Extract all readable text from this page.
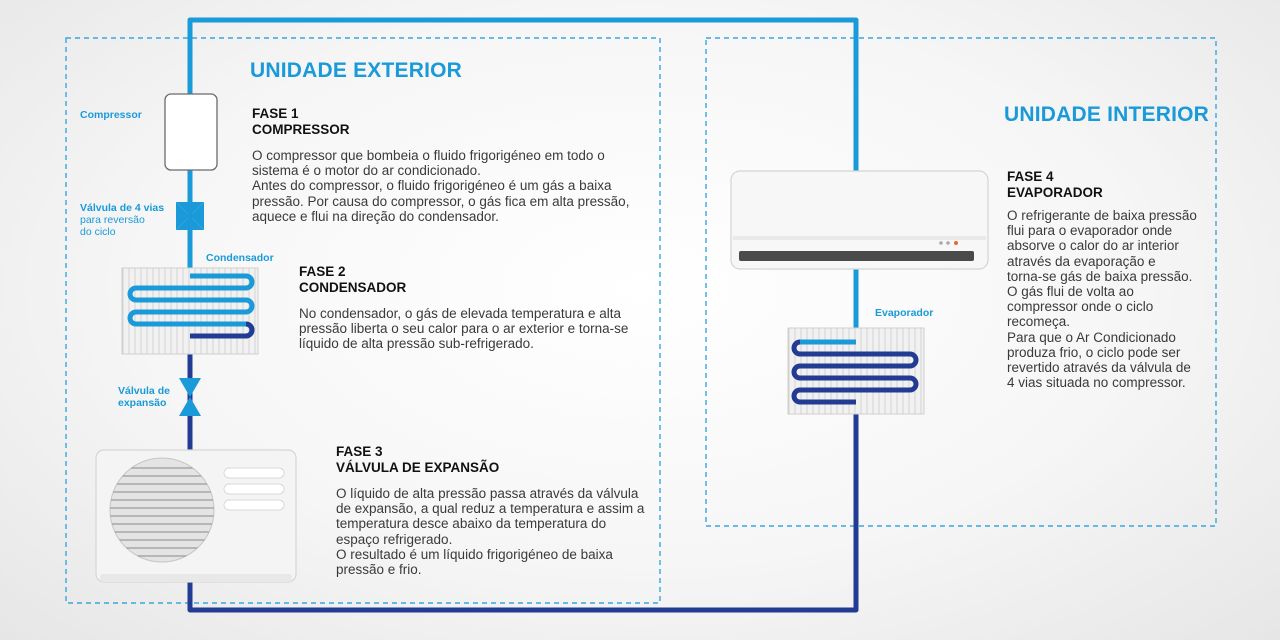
UNIDADE EXTERIOR
UNIDADE INTERIOR
Compressor
Válvula de 4 vias
para reversão
do ciclo
Condensador
Válvula de
expansão
Evaporador
FASE 1
COMPRESSOR
O compressor que bombeia o fluido frigorigéneo em todo o
sistema é o motor do ar condicionado.
Antes do compressor, o fluido frigorigéneo é um gás a baixa
pressão. Por causa do compressor, o gás fica em alta pressão,
aquece e flui na direção do condensador.
FASE 2
CONDENSADOR
No condensador, o gás de elevada temperatura e alta
pressão liberta o seu calor para o ar exterior e torna-se
líquido de alta pressão sub-refrigerado.
FASE 3
VÁLVULA DE EXPANSÃO
O líquido de alta pressão passa através da válvula
de expansão, a qual reduz a temperatura e assim a
temperatura desce abaixo da temperatura do
espaço refrigerado.
O resultado é um líquido frigorigéneo de baixa
pressão e frio.
FASE 4
EVAPORADOR
O refrigerante de baixa pressão
flui para o evaporador onde
absorve o calor do ar interior
através da evaporação e
torna-se gás de baixa pressão.
O gás flui de volta ao
compressor onde o ciclo
recomeça.
Para que o Ar Condicionado
produza frio, o ciclo pode ser
revertido através da válvula de
4 vias situada no compressor.
